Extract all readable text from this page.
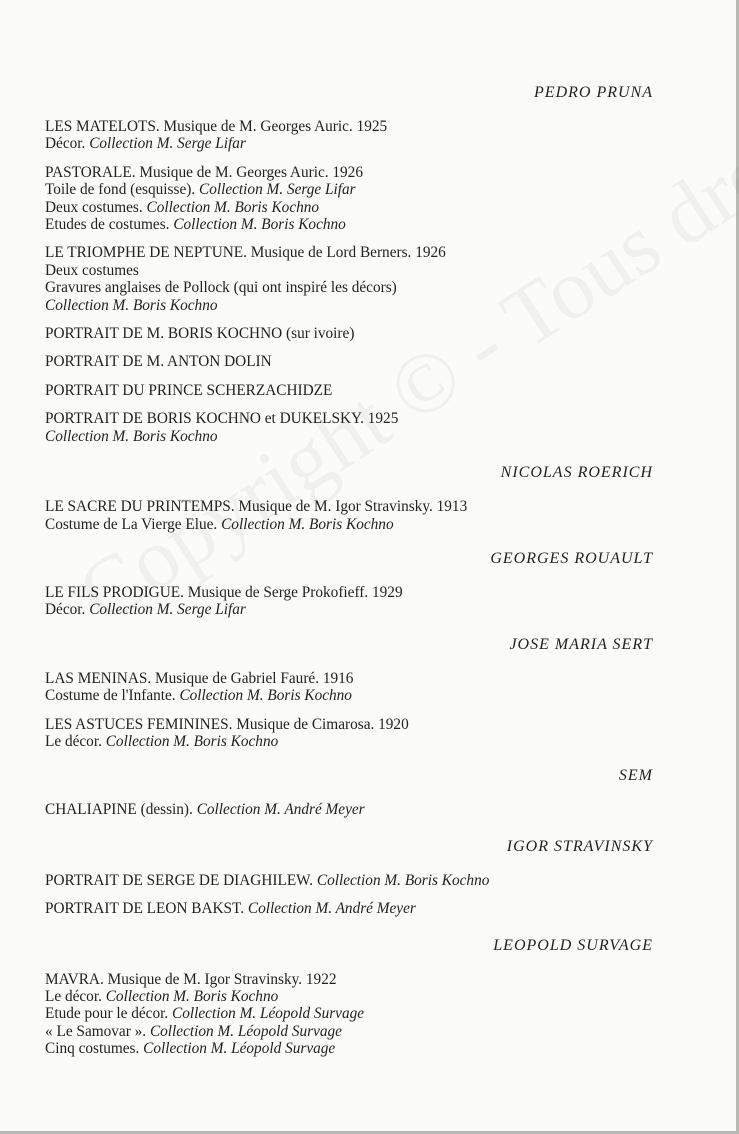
PEDRO PRUNA
LES MATELOTS. Musique de M. Georges Auric. 1925
Décor. Collection M. Serge Lifar
PASTORALE. Musique de M. Georges Auric. 1926
Toile de fond (esquisse). Collection M. Serge Lifar
Deux costumes. Collection M. Boris Kochno
Etudes de costumes. Collection M. Boris Kochno
LE TRIOMPHE DE NEPTUNE. Musique de Lord Berners. 1926
Deux costumes
Gravures anglaises de Pollock (qui ont inspiré les décors)
Collection M. Boris Kochno
PORTRAIT DE M. BORIS KOCHNO (sur ivoire)
PORTRAIT DE M. ANTON DOLIN
PORTRAIT DU PRINCE SCHERZACHIDZE
PORTRAIT DE BORIS KOCHNO et DUKELSKY. 1925
Collection M. Boris Kochno
NICOLAS ROERICH
LE SACRE DU PRINTEMPS. Musique de M. Igor Stravinsky. 1913
Costume de La Vierge Elue. Collection M. Boris Kochno
GEORGES ROUAULT
LE FILS PRODIGUE. Musique de Serge Prokofieff. 1929
Décor. Collection M. Serge Lifar
JOSE MARIA SERT
LAS MENINAS. Musique de Gabriel Fauré. 1916
Costume de l'Infante. Collection M. Boris Kochno
LES ASTUCES FEMININES. Musique de Cimarosa. 1920
Le décor. Collection M. Boris Kochno
SEM
CHALIAPINE (dessin). Collection M. André Meyer
IGOR STRAVINSKY
PORTRAIT DE SERGE DE DIAGHILEW. Collection M. Boris Kochno
PORTRAIT DE LEON BAKST. Collection M. André Meyer
LEOPOLD SURVAGE
MAVRA. Musique de M. Igor Stravinsky. 1922
Le décor. Collection M. Boris Kochno
Etude pour le décor. Collection M. Léopold Survage
« Le Samovar ». Collection M. Léopold Survage
Cinq costumes. Collection M. Léopold Survage
